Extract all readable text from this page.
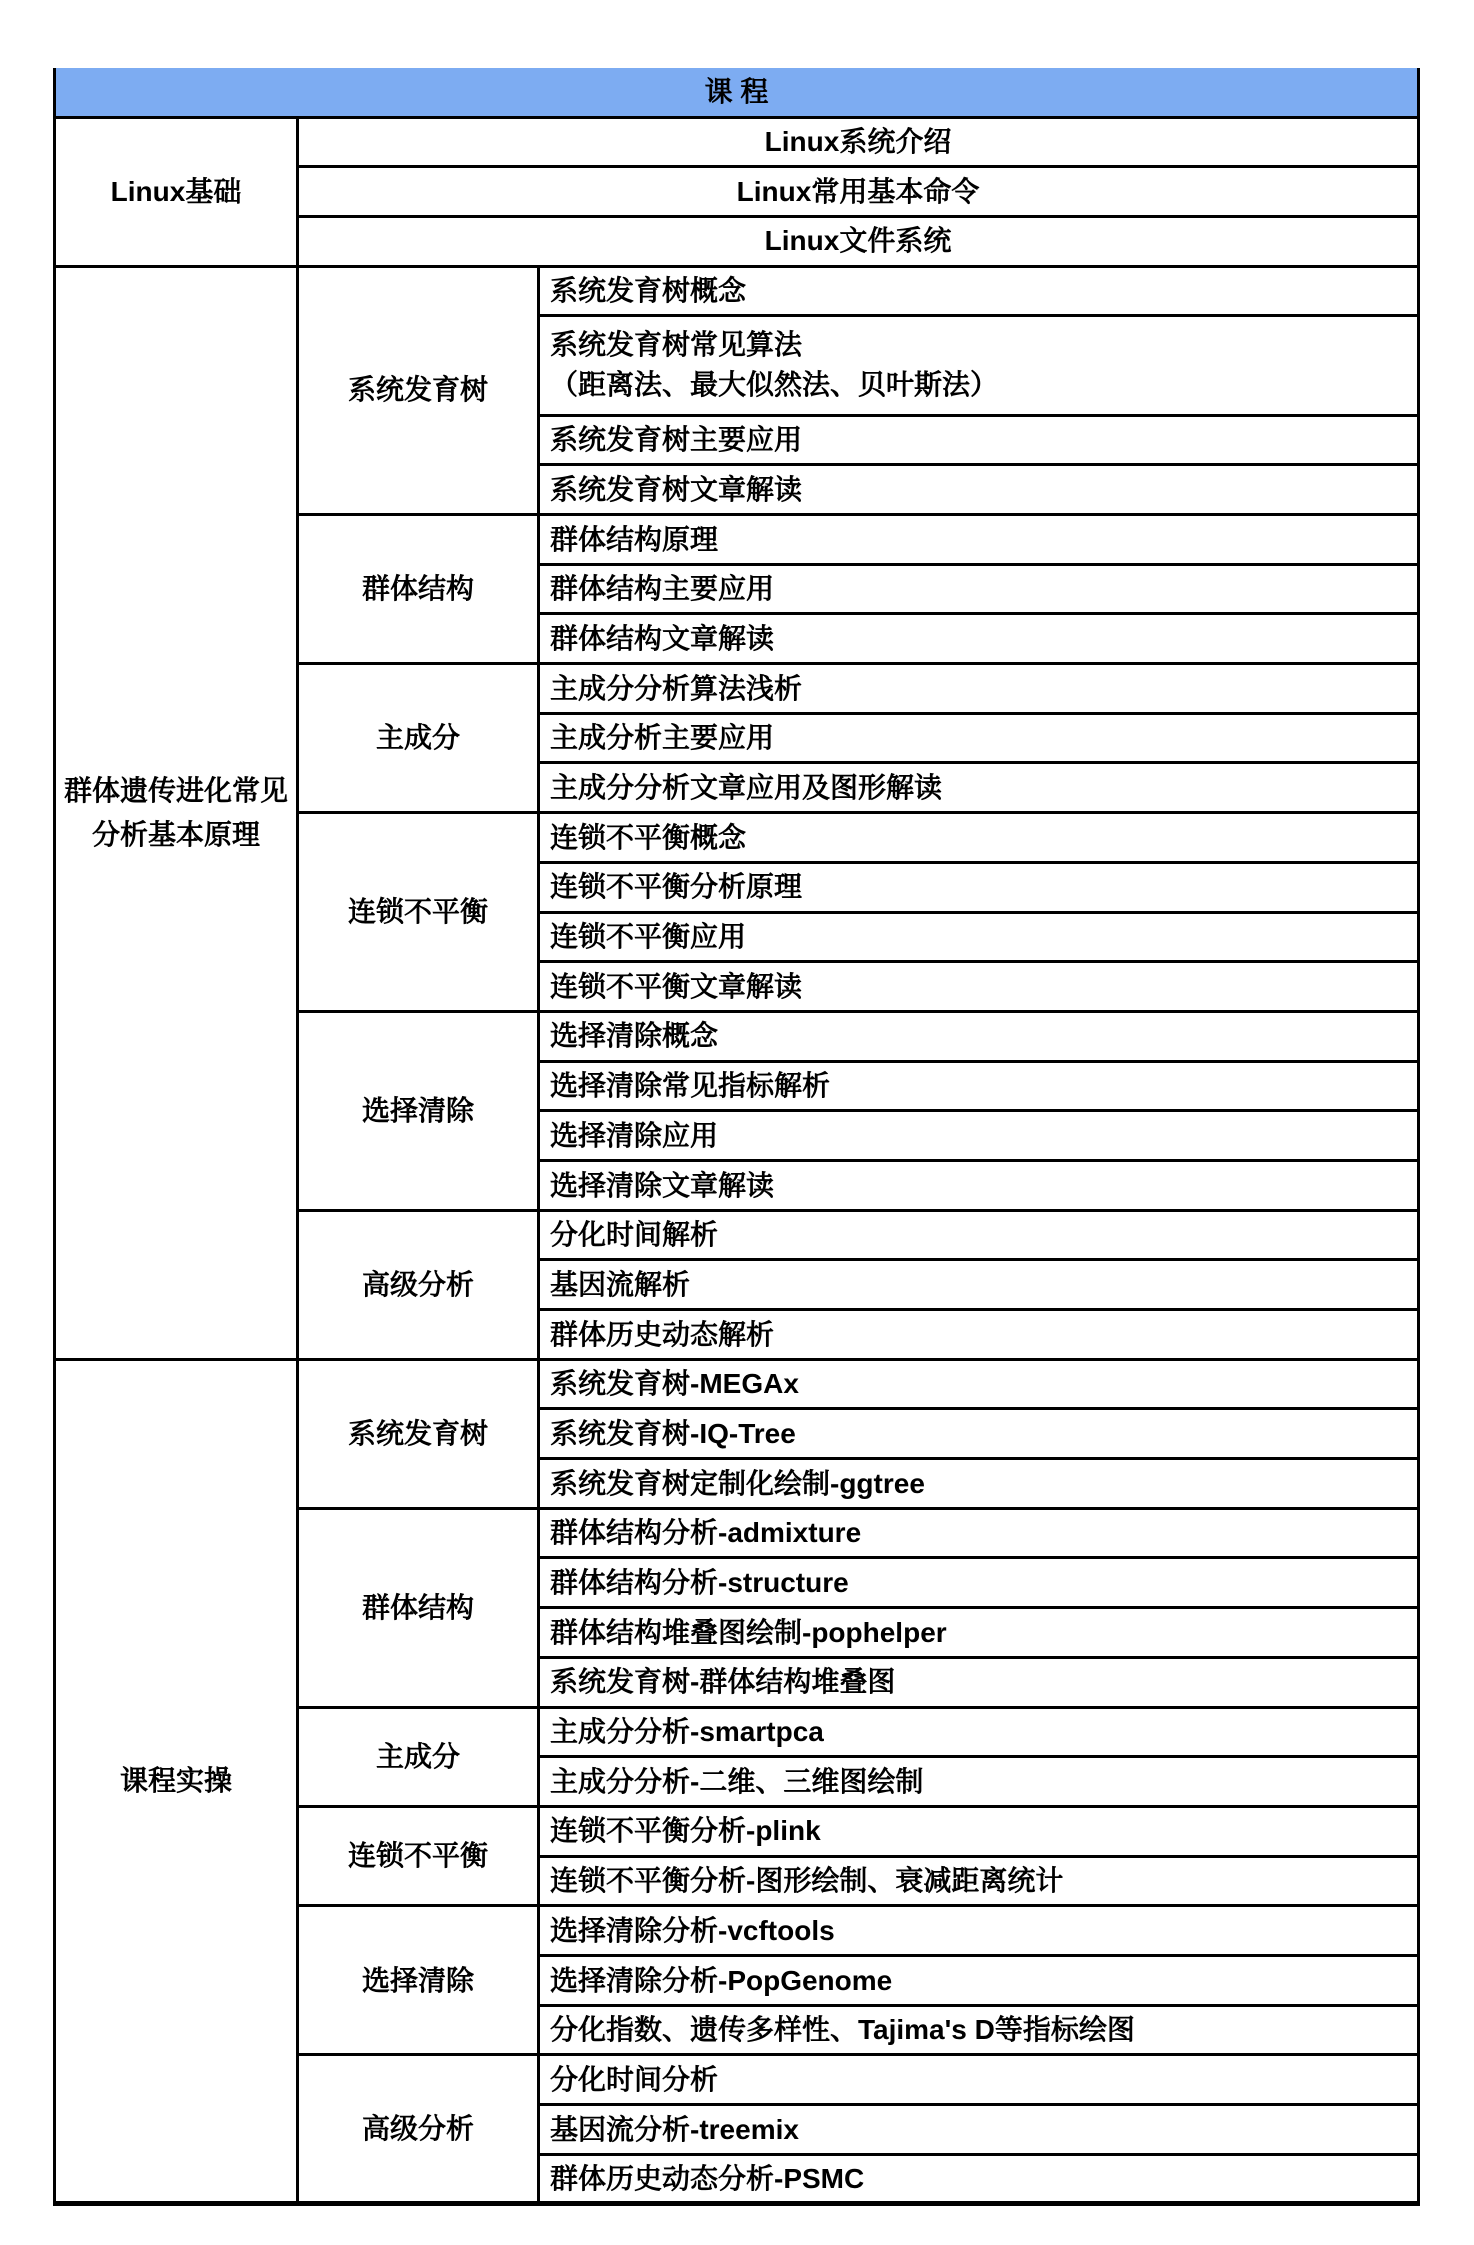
课 程		
Linux基础	Linux系统介绍	
	Linux常用基本命令	
	Linux文件系统	

群体遗传进化常见
分析基本原理	系统发育树	系统发育树概念

		系统发育树常见算法
（距离法、最大似然法、贝叶斯法）

		系统发育树主要应用
		系统发育树文章解读
	群体结构	群体结构原理
		群体结构主要应用
		群体结构文章解读
	主成分	主成分分析算法浅析
		主成分析主要应用
		主成分分析文章应用及图形解读
	连锁不平衡	连锁不平衡概念
		连锁不平衡分析原理
		连锁不平衡应用
		连锁不平衡文章解读
	选择清除	选择清除概念
		选择清除常见指标解析
		选择清除应用
		选择清除文章解读
	高级分析	分化时间解析
		基因流解析
		群体历史动态解析
课程实操	系统发育树	系统发育树-MEGAx
		系统发育树-IQ-Tree
		系统发育树定制化绘制-ggtree
	群体结构	群体结构分析-admixture
		群体结构分析-structure
		群体结构堆叠图绘制-pophelper
		系统发育树-群体结构堆叠图
	主成分	主成分分析-smartpca
		主成分分析-二维、三维图绘制
	连锁不平衡	连锁不平衡分析-plink
		连锁不平衡分析-图形绘制、衰减距离统计
	选择清除	选择清除分析-vcftools
		选择清除分析-PopGenome
		分化指数、遗传多样性、Tajima's D等指标绘图
	高级分析	分化时间分析
		基因流分析-treemix
		群体历史动态分析-PSMC
